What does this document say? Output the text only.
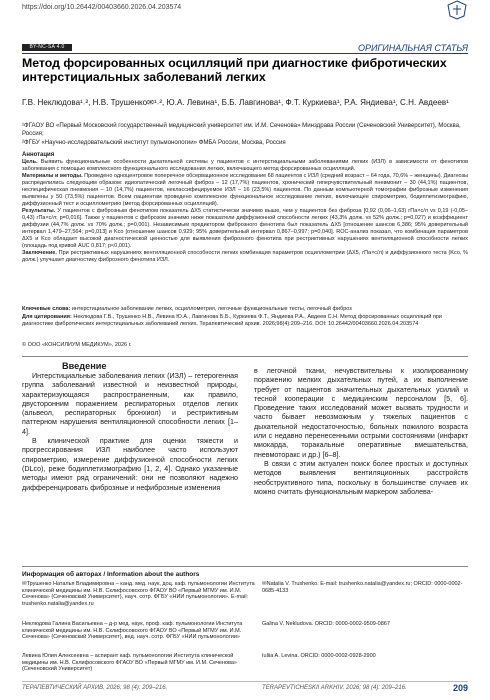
https://doi.org/10.26442/00403660.2026.04.203574
BY-NC-SA 4.0	ОРИГИНАЛЬНАЯ СТАТЬЯ
Метод форсированных осцилляций при диагностике фибротических интерстициальных заболеваний легких
Г.В. Неклюдова¹˒², Н.В. Трушенко✉¹˒², Ю.А. Левина¹, Б.Б. Лавгинова¹, Ф.Т. Куркиева¹, Р.А. Яндиева¹, С.Н. Авдеев¹
¹ФГАОУ ВО «Первый Московский государственный медицинский университет им. И.М. Сеченова» Минздрава России (Сеченовский Университет), Москва, Россия;
²ФГБУ «Научно-исследовательский институт пульмонологии» ФМБА России, Москва, Россия
Аннотация
Цель. Выявить функциональные особенности дыхательной системы у пациентов с интерстициальными заболеваниями легких (ИЗЛ) в зависимости от фенотипов заболевания с помощью комплексного функционального исследования легких, включающего метод форсированных осцилляций.
Материалы и методы. Проведено одноцентровое поперечное обсервационное исследование 68 пациентов с ИЗЛ (средний возраст – 64 года, 70,6% – женщины). Диагнозы распределились следующим образом: идиопатический легочный фиброз – 12 (17,7%) пациентов, хронический гиперчувствительный пневмонит – 30 (44,1%) пациентов, неспецифическая пневмония – 10 (14,7%) пациентов, неклассифицируемое ИЗЛ – 16 (23,5%) пациентов. По данным компьютерной томографии фиброзные изменения выявлены у 50 (73,5%) пациентов. Всем пациентам проведено комплексное функциональное исследование легких, включающее спирометрию, бодиплетизмографию, диффузионный тест и осциллометрию (метод форсированных осцилляций).
Результаты. У пациентов с фиброзным фенотипом показатель ΔX5 статистически значимо выше, чем у пациентов без фиброза [0,92 (0,06–1,63) гПа×с/л vs 0,19 (-0,05–0,43) гПа×с/л; p=0,016]. Также у пациентов с фиброзом значимо ниже показатели диффузионной способности легких (43,3% долж. vs 52% долж.; p=0,027) и коэффициент диффузии (44,7% долж. vs 70% долж.; p=0,001). Независимым предиктором фиброзного фенотипа был показатель ΔX5 [отношение шансов 6,386; 95% доверительный интервал 1,479–27,564; p=0,013] и Kco [отношение шансов 0,929; 95% доверительный интервал 0,867–0,997; p=0,040]. ROC-анализ показал, что комбинация параметров ΔX5 и Kco обладает высокой диагностической ценностью для выявления фиброзного фенотипа при рестриктивных нарушениях вентиляционной способности легких (площадь под кривой AUC 0,817; p<0,001).
Заключение. При рестриктивных нарушениях вентиляционной способности легких комбинация параметров осциллометрии (ΔX5, гПа×с/л) и диффузионного теста (Kco, % долж.) улучшает диагностику фиброзного фенотипа ИЗЛ.
Ключевые слова: интерстициальное заболевание легких, осциллометрия, легочные функциональные тесты, легочный фиброз
Для цитирования: Неклюдова Г.В., Трушенко Н.В., Левина Ю.А., Лавгинова Б.Б., Куркиева Ф.Т., Яндиева Р.А., Авдеев С.Н. Метод форсированных осцилляций при диагностике фибротических интерстициальных заболеваний легких. Терапевтический архив. 2026;98(4):209–216. DOI: 10.26442/00403660.2026.04.203574
© ООО «КОНСИЛИУМ МЕДИКУМ», 2026 г.
Введение

Интерстициальные заболевания легких (ИЗЛ) – гетерогенная группа заболеваний известной и неизвестной природы, характеризующаяся распространенным, как правило, двусторонним поражением респираторных отделов легких (альвеол, респираторных бронхиол) и рестриктивным паттерном нарушения вентиляционной способности легких [1–4].

В клинической практике для оценки тяжести и прогрессирования ИЗЛ наиболее часто используют спирометрию, измерение диффузионной способности легких (DLco), реже бодиплетизмографию [1, 2, 4]. Однако указанные методы имеют ряд ограничений: они не позволяют надежно дифференцировать фиброзные и нефиброзные изменения

в легочной ткани, нечувствительны к изолированному поражению мелких дыхательных путей, а их выполнение требует от пациентов значительных дыхательных усилий и тесной кооперации с медицинским персоналом [5, 6]. Проведение таких исследований может вызвать трудности и часто бывает невозможным у тяжелых пациентов с дыхательной недостаточностью, больных пожилого возраста или с недавно перенесенными острыми состояниями (инфаркт миокарда, торакальные оперативные вмешательства, пневмоторакс и др.) [6–8].

В связи с этим актуален поиск более простых и доступных методов выявления вентиляционных расстройств необструктивного типа, поскольку в большинстве случаев их можно считать функциональным маркером заболева-

Информация об авторах / Information about the authors
✉Трушенко Наталья Владимировна – канд. мед. наук, доц. каф. пульмонологии Института клинической медицины им. Н.В. Склифосовского ФГАОУ ВО «Первый МГМУ им. И.М. Сеченова» (Сеченовский Университет), науч. сотр. ФГБУ «НИИ пульмонологии». E-mail: trushenko.natalia@yandex.ru
Неклюдова Галина Васильевна – д-р мед. наук, проф. каф. пульмонологии Института клинической медицины им. Н.В. Склифосовского ФГАОУ ВО «Первый МГМУ им. И.М. Сеченова» (Сеченовский Университет), вед. науч. сотр. ФГБУ «НИИ пульмонологии»
Левина Юлия Алексеевна – аспирант каф. пульмонологии Института клинической медицины им. Н.В. Склифосовского ФГАОУ ВО «Первый МГМУ им. И.М. Сеченова» (Сеченовский Университет)
✉Natalia V. Trushenko. E-mail: trushenko.natalia@yandex.ru; ORCID: 0000-0002-0685-4133
Galina V. Nekludova. ORCID: 0000-0002-9509-0867
Iuliia A. Levina. ORCID: 0000-0002-0928-2900
ТЕРАПЕВТИЧЕСКИЙ АРХИВ. 2026; 98 (4): 209–216.	TERAPEVTICHESKII ARKHIV. 2026; 98 (4): 209–216.	209
